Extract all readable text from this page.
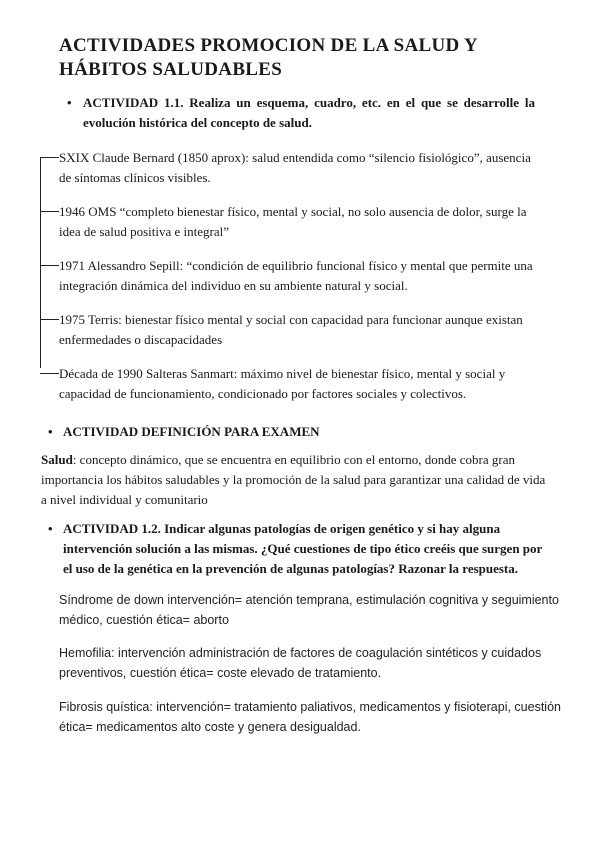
ACTIVIDADES PROMOCION DE LA SALUD Y
HÁBITOS SALUDABLES
• ACTIVIDAD 1.1. Realiza un esquema, cuadro, etc. en el que se desarrolle la evolución histórica del concepto de salud.
SXIX Claude Bernard (1850 aprox): salud entendida como “silencio fisiológico”, ausencia de síntomas clínicos visibles.
1946 OMS “completo bienestar físico, mental y social, no solo ausencia de dolor, surge la idea de salud positiva e integral”
1971 Alessandro Sepill: “condición de equilibrio funcional físico y mental que permite una integración dinámica del individuo en su ambiente natural y social.
1975 Terris: bienestar físico mental y social con capacidad para funcionar aunque existan enfermedades o discapacidades
Década de 1990 Salteras Sanmart: máximo nivel de bienestar físico, mental y social y capacidad de funcionamiento, condicionado por factores sociales y colectivos.
• ACTIVIDAD DEFINICIÓN PARA EXAMEN
Salud: concepto dinámico, que se encuentra en equilibrio con el entorno, donde cobra gran importancia los hábitos saludables y la promoción de la salud para garantizar una calidad de vida a nivel individual y comunitario
• ACTIVIDAD 1.2. Indicar algunas patologías de origen genético y si hay alguna intervención solución a las mismas. ¿Qué cuestiones de tipo ético creéis que surgen por el uso de la genética en la prevención de algunas patologías? Razonar la respuesta.
Síndrome de down intervención= atención temprana, estimulación cognitiva y seguimiento médico, cuestión ética= aborto
Hemofilia: intervención administración de factores de coagulación sintéticos y cuidados preventivos, cuestión ética= coste elevado de tratamiento.
Fibrosis quística: intervención= tratamiento paliativos, medicamentos y fisioterapi, cuestión ética= medicamentos alto coste y genera desigualdad.
